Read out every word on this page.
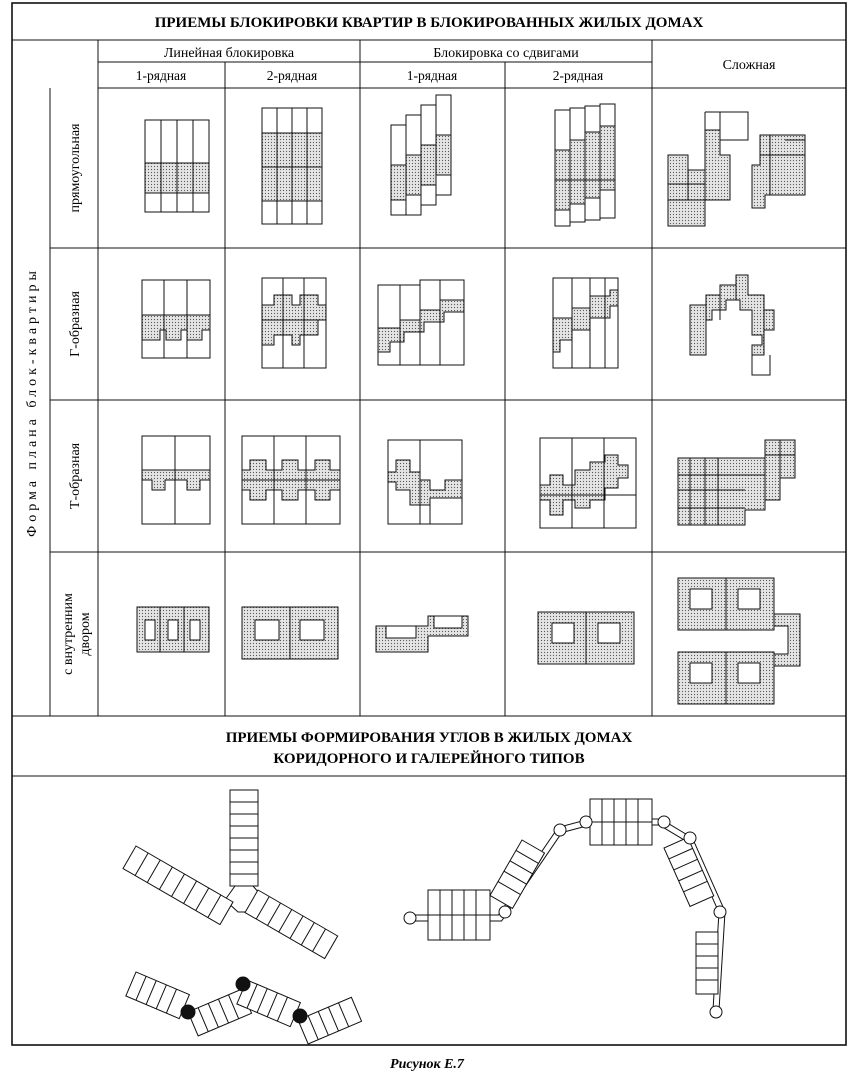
ПРИЕМЫ БЛОКИРОВКИ КВАРТИР В БЛОКИРОВАННЫХ ЖИЛЫХ ДОМАХ
Линейная блокировка	Блокировка со сдвигами
Сложная
1-рядная	2-рядная	1-рядная	2-рядная
Форма плана блок-квартиры
прямоугольная
Г-образная
Т-образная
с внутренним двором
ПРИЕМЫ ФОРМИРОВАНИЯ УГЛОВ В ЖИЛЫХ ДОМАХ
КОРИДОРНОГО И ГАЛЕРЕЙНОГО ТИПОВ
Рисунок Е.7
